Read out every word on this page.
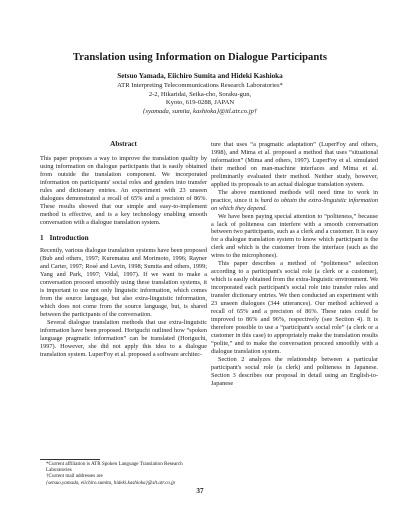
Translation using Information on Dialogue Participants
Setsuo Yamada, Eiichiro Sumita and Hideki Kashioka
ATR Interpreting Telecommunications Research Laboratories*
2-2, Hikaridai, Seika-cho, Soraku-gun,
Kyoto, 619-0288, JAPAN
{syamada, sumita, kashioka}@itl.atr.co.jp†
Abstract

This paper proposes a way to improve the translation quality by using information on dialogue participants that is easily obtained from outside the translation component. We incorporated information on participants' social roles and genders into transfer rules and dictionary entries. An experiment with 23 unseen dialogues demonstrated a recall of 65% and a precision of 86%. These results showed that our simple and easy-to-implement method is effective, and is a key technology enabling smooth conversation with a dialogue translation system.

1 Introduction

Recently, various dialogue translation systems have been proposed (Bub and others, 1997; Kurematsu and Morimoto, 1996; Rayner and Carter, 1997; Rosé and Levin, 1998; Sumita and others, 1999; Yang and Park, 1997; Vidal, 1997). If we want to make a conversation proceed smoothly using these translation systems, it is important to use not only linguistic information, which comes from the source language, but also extra-linguistic information, which does not come from the source language, but, is shared between the participants of the conversation.

Several dialogue translation methods that use extra-linguistic information have been proposed. Horiguchi outlined how “spoken language pragmatic information” can be translated (Horiguchi, 1997). However, she did not apply this idea to a dialogue translation system. LuperFoy et al. proposed a software architec-

ture that uses “a pragmatic adaptation” (LuperFoy and others, 1998), and Mima et al. proposed a method that uses “situational information” (Mima and others, 1997). LuperFoy et al. simulated their method on man-machine interfaces and Mima et al. preliminarily evaluated their method. Neither study, however, applied its proposals to an actual dialogue translation system.

The above mentioned methods will need time to work in practice, since it is hard to obtain the extra-linguistic information on which they depend.

We have been paying special attention to “politeness,” because a lack of politeness can interfere with a smooth conversation between two participants, such as a clerk and a customer. It is easy for a dialogue translation system to know which participant is the clerk and which is the customer from the interface (such as the wires to the microphones).

This paper describes a method of “politeness” selection according to a participant's social role (a clerk or a customer), which is easily obtained from the extra-linguistic environment. We incorporated each participant's social role into transfer rules and transfer dictionary entries. We then conducted an experiment with 23 unseen dialogues (344 utterances). Our method achieved a recall of 65% and a precision of 86%. These rates could be improved to 86% and 96%, respectively (see Section 4). It is therefore possible to use a “participant's social role” (a clerk or a customer in this case) to appropriately make the translation results “polite,” and to make the conversation proceed smoothly with a dialogue translation system.

Section 2 analyzes the relationship between a particular participant's social role (a clerk) and politeness in Japanese. Section 3 describes our proposal in detail using an English-to-Japanese

*Current affiliation is ATR Spoken Language Translation Research Laboratories
†Current mail addresses are
{setsuo.yamada, eiichiro.sumita, hideki.kashioka}@slt.atr.co.jp
37
